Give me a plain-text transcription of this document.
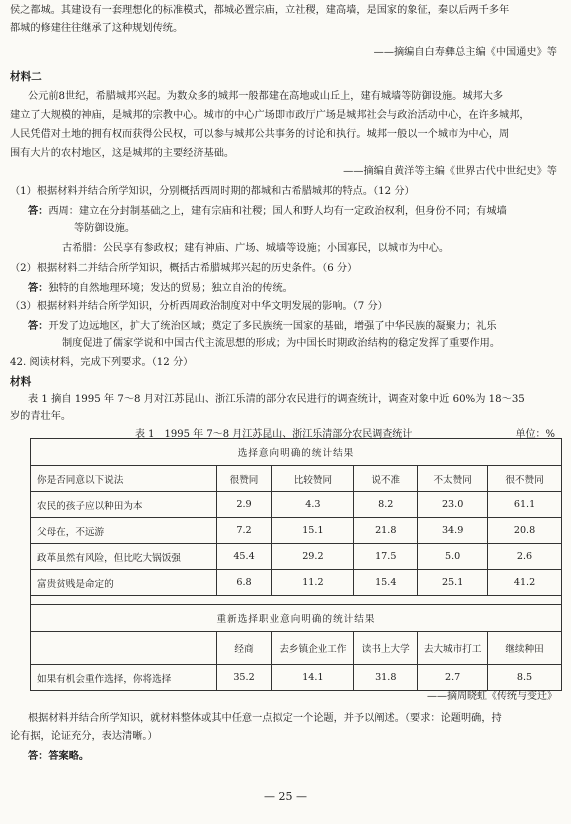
侯之都城。其建设有一套理想化的标准模式，都城必置宗庙，立社稷，建高墙，是国家的象征，秦以后两千多年
都城的修建往往继承了这种规划传统。
——摘编自白寿彝总主编《中国通史》等
材料二
公元前8世纪，希腊城邦兴起。为数众多的城邦一般都建在高地或山丘上，建有城墙等防御设施。城邦大多
建立了大规模的神庙，是城邦的宗教中心。城市的中心广场即市政厅广场是城邦社会与政治活动中心，在许多城邦，
人民凭借对土地的拥有权而获得公民权，可以参与城邦公共事务的讨论和执行。城邦一般以一个城市为中心，周
围有大片的农村地区，这是城邦的主要经济基础。
——摘编自黄洋等主编《世界古代中世纪史》等
（1）根据材料并结合所学知识，分别概括西周时期的都城和古希腊城邦的特点。（12 分）
答：西周：建立在分封制基础之上，建有宗庙和社稷；国人和野人均有一定政治权利，但身份不同；有城墙
等防御设施。
古希腊：公民享有参政权；建有神庙、广场、城墙等设施；小国寡民，以城市为中心。
（2）根据材料二并结合所学知识，概括古希腊城邦兴起的历史条件。（6 分）
答：独特的自然地理环境；发达的贸易；独立自治的传统。
（3）根据材料并结合所学知识，分析西周政治制度对中华文明发展的影响。（7 分）
答：开发了边远地区，扩大了统治区域；奠定了多民族统一国家的基础，增强了中华民族的凝聚力；礼乐
制度促进了儒家学说和中国古代主流思想的形成；为中国长时期政治结构的稳定发挥了重要作用。
42. 阅读材料，完成下列要求。（12 分）
材料
表 1 摘自 1995 年 7～8 月对江苏昆山、浙江乐清的部分农民进行的调查统计，调查对象中近 60%为 18～35
岁的青壮年。
表 1　1995 年 7～8 月江苏昆山、浙江乐清部分农民调查统计	单位：%
选择意向明确的统计结果					
你是否同意以下说法	很赞同	比较赞同	说不准	不太赞同	很不赞同
农民的孩子应以种田为本	2.9	4.3	8.2	23.0	61.1
父母在，不远游	7.2	15.1	21.8	34.9	20.8
政革虽然有风险，但比吃大锅饭强	45.4	29.2	17.5	5.0	2.6
富贵贫贱是命定的	6.8	11.2	15.4	25.1	41.2

重新选择职业意向明确的统计结果					
	经商	去乡镇企业工作	读书上大学	去大城市打工	继续种田
如果有机会重作选择，你将选择	35.2	14.1	31.8	2.7	8.5
——摘周晓虹《传统与变迁》
根据材料并结合所学知识，就材料整体或其中任意一点拟定一个论题，并予以阐述。（要求：论题明确，持
论有据，论证充分，表达清晰。）
答：答案略。
— 25 —
